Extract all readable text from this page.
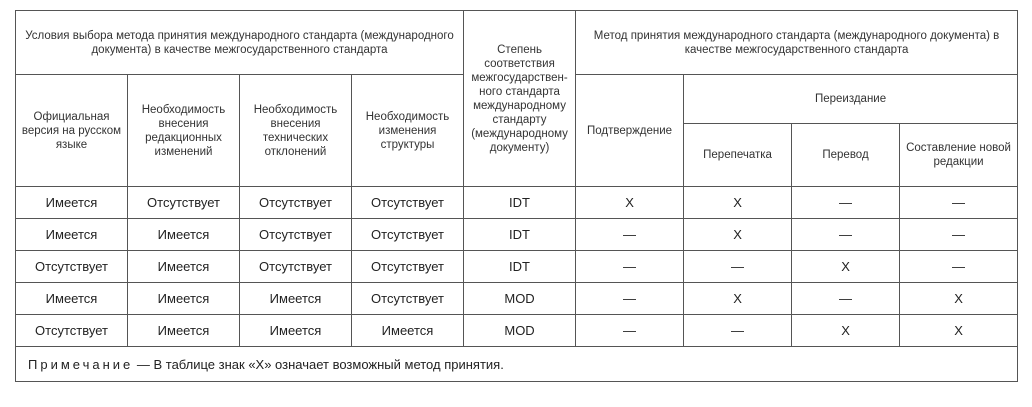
Условия выбора метода принятия международного стандарта (международного документа) в качестве межгосударственного стандарта				Степень соответствия межгосударственного стандарта международному стандарту (международному документу)	Метод принятия международного стандарта (международного документа) в качестве межгосударственного стандарта			
Официальная версия на русском языке	Необходимость внесения редакционных изменений	Необходимость внесения технических отклонений	Необходимость изменения структуры		Подтверждение	Переиздание		
						Перепечатка	Перевод	Составление новой редакции
Имеется	Отсутствует	Отсутствует	Отсутствует	IDT	X	X	—	—
Имеется	Имеется	Отсутствует	Отсутствует	IDT	—	X	—	—
Отсутствует	Имеется	Отсутствует	Отсутствует	IDT	—	—	X	—
Имеется	Имеется	Имеется	Отсутствует	MOD	—	X	—	X
Отсутствует	Имеется	Имеется	Имеется	MOD	—	—	X	X
Примечание — В таблице знак «X» означает возможный метод принятия.								
